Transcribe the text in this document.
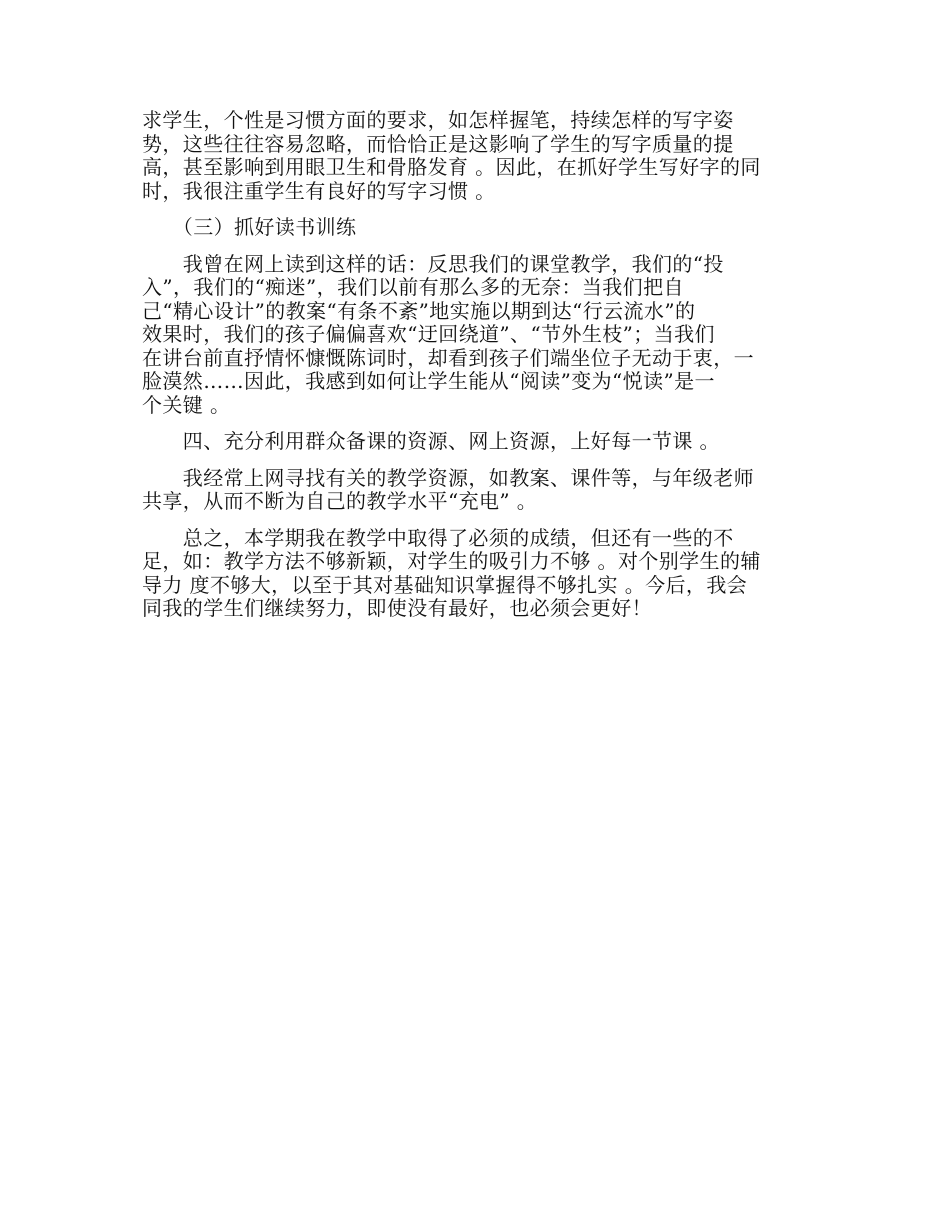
求学生，个性是习惯方面的要求，如怎样握笔，持续怎样的写字姿
势，这些往往容易忽略，而恰恰正是这影响了学生的写字质量的提
高，甚至影响到用眼卫生和骨胳发育 。因此，在抓好学生写好字的同
时，我很注重学生有良好的写字习惯 。
　　（三）抓好读书训练
　　我曾在网上读到这样的话：反思我们的课堂教学，我们的“投
入”，我们的“痴迷”，我们以前有那么多的无奈：当我们把自
己“精心设计”的教案“有条不紊”地实施以期到达“行云流水”的
效果时，我们的孩子偏偏喜欢“迂回绕道”、“节外生枝”；当我们
在讲台前直抒情怀慷慨陈词时，却看到孩子们端坐位子无动于衷，一
脸漠然……因此，我感到如何让学生能从“阅读”变为“悦读”是一
个关键 。
　　四、充分利用群众备课的资源、网上资源，上好每一节课 。
　　我经常上网寻找有关的教学资源，如教案、课件等，与年级老师
共享，从而不断为自己的教学水平“充电” 。
　　总之，本学期我在教学中取得了必须的成绩，但还有一些的不
足，如：教学方法不够新颖，对学生的吸引力不够 。对个别学生的辅
导力 度不够大，以至于其对基础知识掌握得不够扎实 。今后，我会
同我的学生们继续努力，即使没有最好，也必须会更好！
